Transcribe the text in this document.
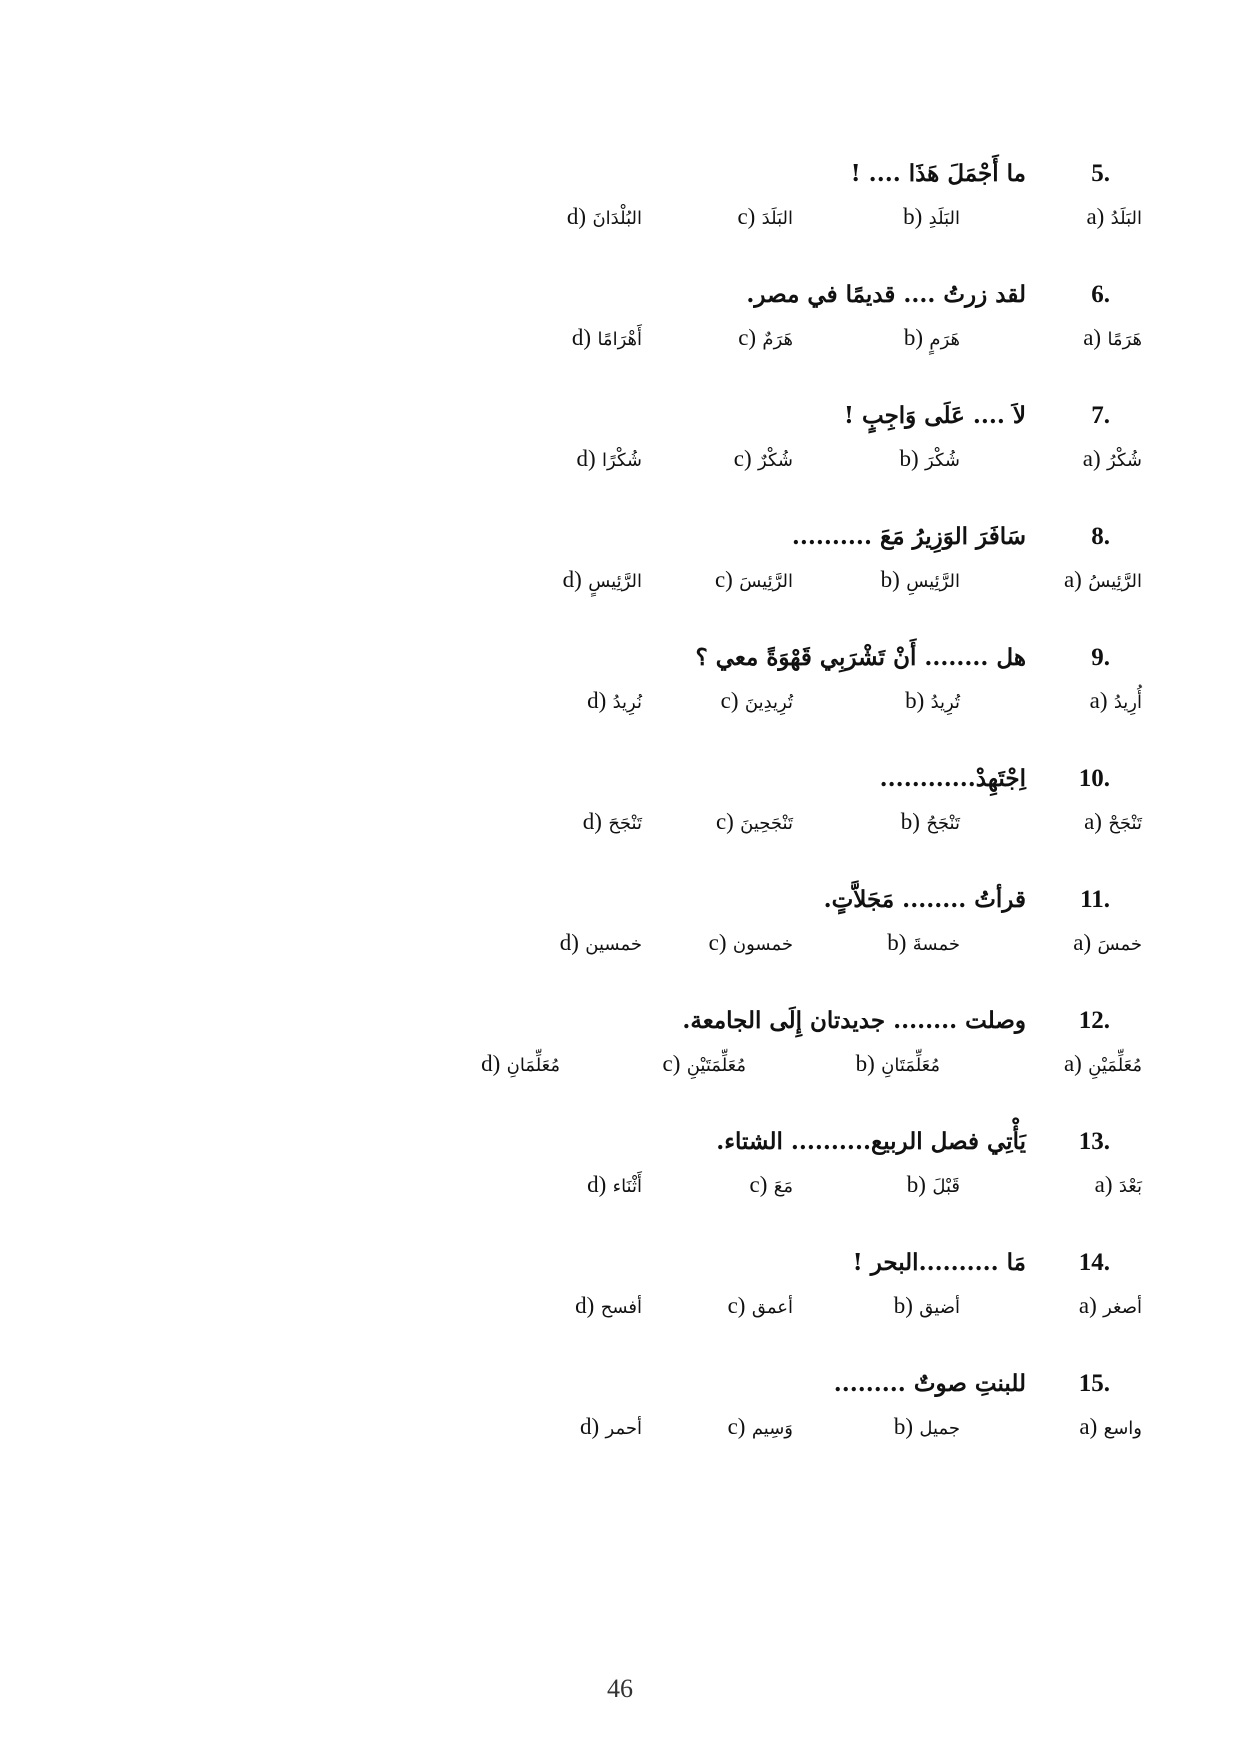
5. ما أَجْمَلَ هَذَا .... !
a) البَلَدُ
b) البَلَدِ
c) البَلَدَ
d) البُلْدَانَ
6. لقد زرتُ .... قديمًا في مصر.
a) هَرَمًا
b) هَرَمٍ
c) هَرَمٌ
d) أَهْرَامًا
7. لاَ .... عَلَى وَاجِبٍ !
a) شُكْرُ
b) شُكْرَ
c) شُكْرٌ
d) شُكْرًا
8. سَافَرَ الوَزِيرُ مَعَ ..........
a) الرَّئِيسُ
b) الرَّئِيسِ
c) الرَّئِيسَ
d) الرَّئِيسٍ
9. هل ........ أَنْ تَشْرَبِي قَهْوَةً معي ؟
a) أُرِيدُ
b) تُرِيدُ
c) تُرِيدِينَ
d) نُرِيدُ
10. اِجْتَهِدْ............
a) تَنْجَحْ
b) تَنْجَحُ
c) تَنْجَحِينَ
d) تَنْجَحَ
11. قرأتُ ........ مَجَلاَّتٍ.
a) خمسَ
b) خمسةَ
c) خمسون
d) خمسين
12. وصلت ........ جديدتان إِلَى الجامعة.
a) مُعَلِّمَيْنِ
b) مُعَلِّمَتَانِ
c) مُعَلِّمَتَيْنِ
d) مُعَلِّمَانِ
13. يَأْتِي فصل الربيع.......... الشتاء.
a) بَعْدَ
b) قَبْلَ
c) مَعَ
d) أَثْنَاء
14. مَا ..........البحر !
a) أصغر
b) أضيق
c) أعمق
d) أفسح
15. للبنتِ صوتٌ .........
a) واسع
b) جميل
c) وَسِيم
d) أحمر
46
